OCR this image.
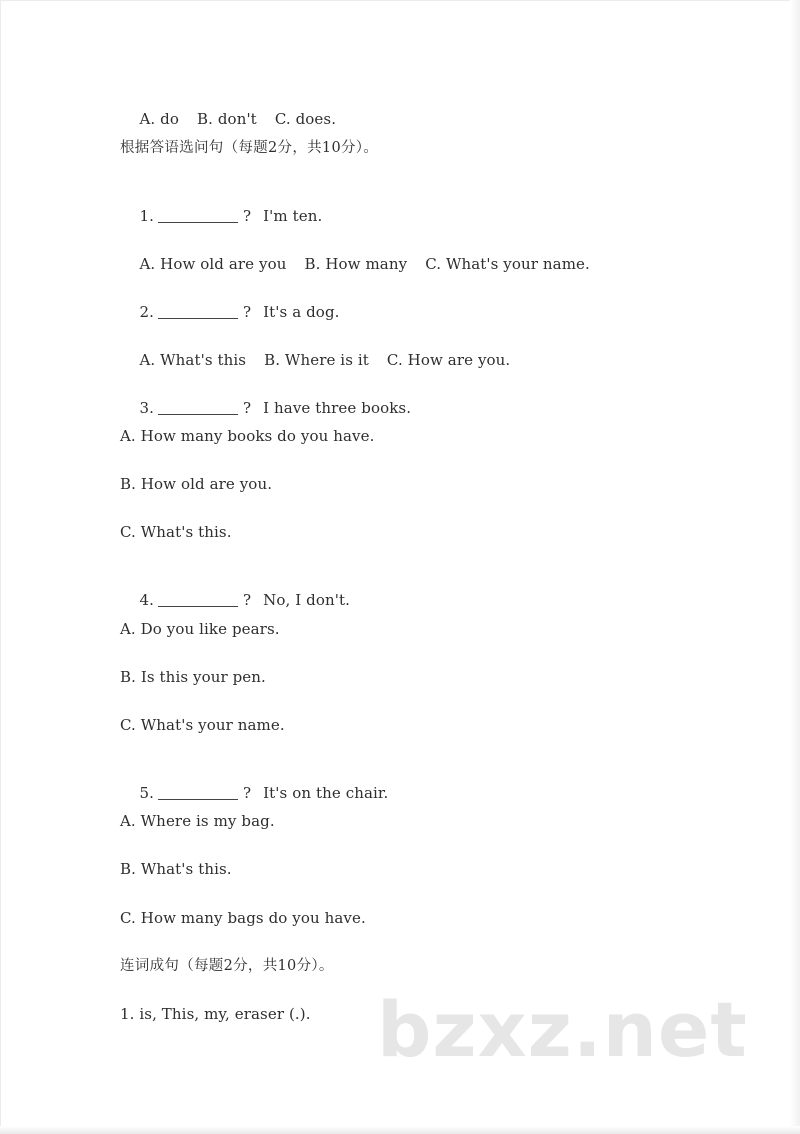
A. do B. don't C. does.

根据答语选问句（每题2分，共10分）。

1.	? I'm ten.

A. How old are you B. How many C. What's your name.

2.	? It's a dog.

A. What's this B. Where is it C. How are you.

3.	? I have three books.

A. How many books do you have.
B. How old are you.
C. What's this.

4.	? No, I don't.

A. Do you like pears.
B. Is this your pen.
C. What's your name.

5.	? It's on the chair.

A. Where is my bag.
B. What's this.
C. How many bags do you have.
连词成句（每题2分，共10分）。
1. is, This, my, eraser (.). bzxz.net
